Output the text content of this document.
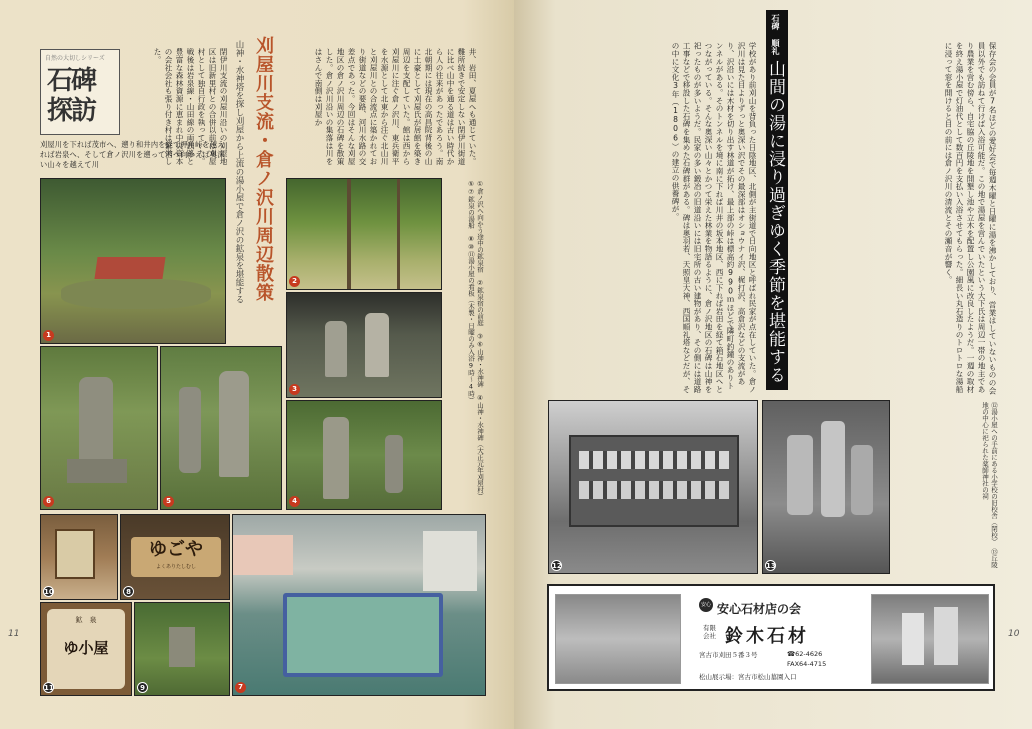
自然の大切しシリーズ
石碑探訪	閉伊川支流の刈屋川沿いの刈屋地区は旧新里村との合併以前は刈屋村として独自行政を執っていた。戦後は岩泉線・山田線の両鉄路と豊富な森林資源に恵まれ中央資本の会社会社も張り付き村は繁栄した。
刈屋川を下れば茂市へ、遡り和井内を経て押角峠を越えれば岩泉へ、そして倉ノ沢川を遡って西へ向かえば奥深い山々を越えて川	刈屋川支流・倉ノ沢川周辺散策
山神・水神塔を探し刈屋から上流の湯小屋で倉ノ沢の鉱泉を堪能する	井、岩田、夏屋へも通じていた。難所続きで安定しない閉伊川街道に比べ山中を通る道は古い時代から人の往来があったであろう。南北朝期には現在の高昌院背後の山に土豪として刈屋氏が居館を築き周辺を支配していた。館は西から刈屋川に注ぐ倉ノ沢川、東兵衛平を水源として北東から注ぐ北山川と刈屋川との合流点に築かれており街道などの要路、河川水路の交差点であった。今回はそんな刈屋地区の倉ノ沢川周辺の石碑を散策した。倉ノ沢川沿いの集落は川をはさんで南側は刈屋か
1
2
①倉ノ沢へ向かう途中の鉱泉宿　②鉱泉宿の前庭　③⑥山神・水神碑　④山神・水神碑（大正元年刈屋村）　⑤⑦鉱泉の湯船　⑧⑩⑪湯小屋の看板（木製・日曜のみ入浴9時～4時）
3
6	5	4
10
ゆごや
よくありたしむし
8
7
鉱　泉
ゆ小屋
11	9
11
学校があり前刈山を背負った日陰地区、北側が主街道で日向地区と呼ばれ民家が点在していた。倉ノ沢川は見た目よりずっと奥深い沢でその最深部はオショウナイ沢、梶打沢、高倉沢などの支流があり、沢沿いには木材を切り出す林道が拓け、最上部の峠は標高約990ｍほどで隣町釣鐘のありトンネルがある。そのトンネルを境に南に下れば川井の坂本地区、西に下れば岩田を経て箱石地区へとつながっている。そんな奥深い山々とかつて栄えた林業を物語るように、倉ノ沢地区の石碑は山神を祀ったものが多いようだ。民家の多い鍛冶の旧道沿いには旧宅所の古い建物があり、その側には道路工事などで移設した石碑を集めた石碑群がある。碑は奥羽若、天照皇大神、西国順礼塔などだが、その中に文化3年（1806）の建立の供養碑が。
石碑 順礼
山間の湯に浸り過ぎゆく季節を堪能する	保存会の会員が7名ほどの愛好会で毎週木曜と日曜に湯を沸かしており、営業はしていないものの会員以外でも訪ねて行けば入浴可能だ。この地で湯屋を営んでいたという大下氏は周辺一帯の地主であり農業を営む傍ら、自宅脇の丘陵地を開墾し池や立木を配置し公園風に改良したようだ。一週の取材を終え湯小屋で灯油代として数百円を支払い入浴させてもらった。細長い丸石造りのトロトロな湯船に浸って窓を開けると目の前には倉ノ沢川の清流とその瀬音が響く。
12	13
⑫湯小屋への手前にある小学校の旧校舎（閉校）　⑬丘陵地の中心に祀られた薬師神社の祠
安心 安心石材店の会
有限会社 鈴木石材
宮古市刈田５番３号	☎62-4626
FAX64-4715
松山展示場：宮古市松山墓園入口
10
